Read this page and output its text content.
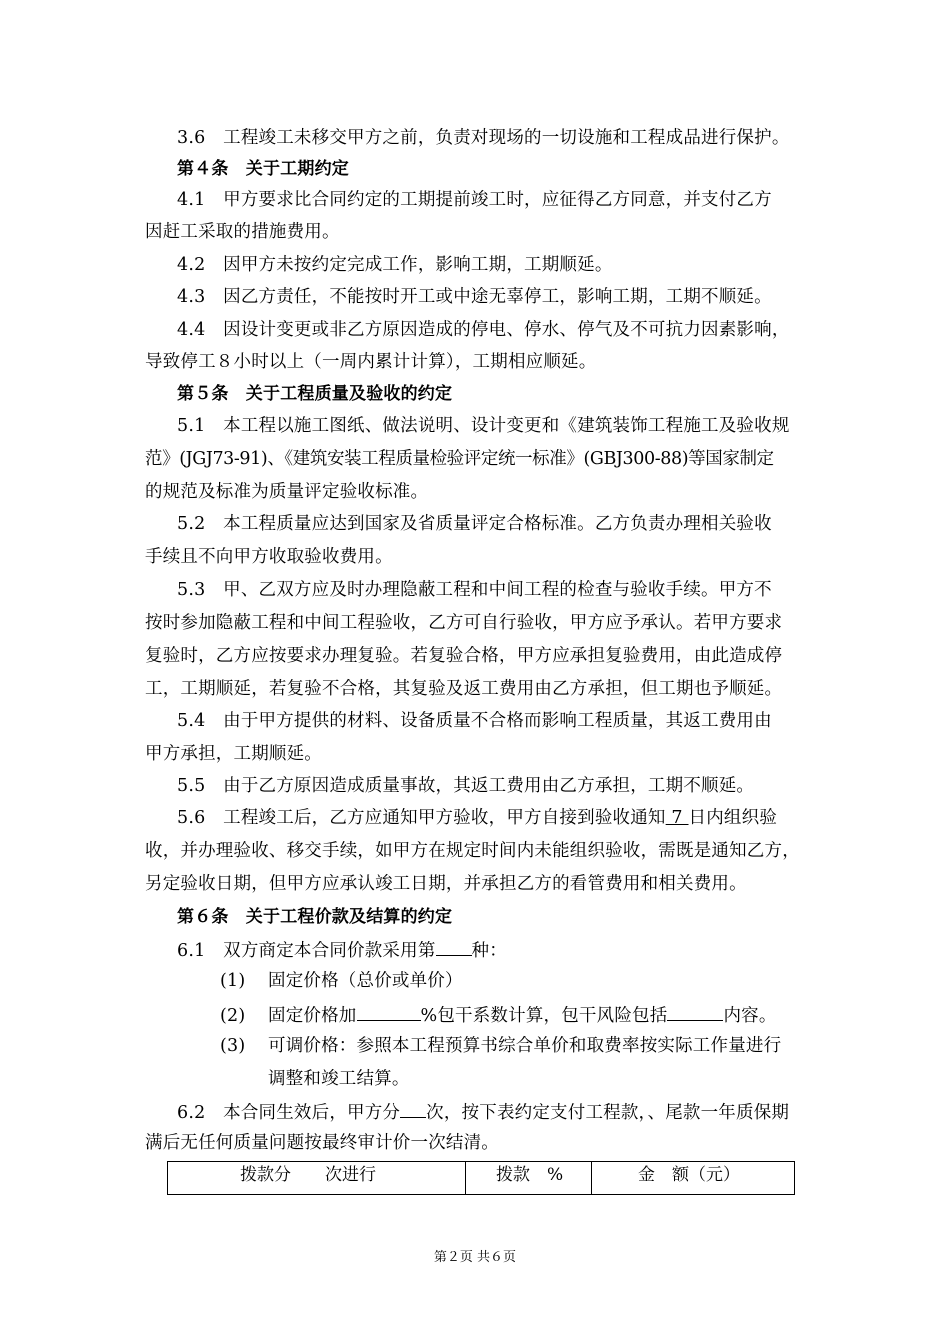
3.6　工程竣工未移交甲方之前，负责对现场的一切设施和工程成品进行保护。
第４条　关于工期约定
4.1　甲方要求比合同约定的工期提前竣工时，应征得乙方同意，并支付乙方
因赶工采取的措施费用。
4.2　因甲方未按约定完成工作，影响工期，工期顺延。
4.3　因乙方责任，不能按时开工或中途无辜停工，影响工期，工期不顺延。
4.4　因设计变更或非乙方原因造成的停电、停水、停气及不可抗力因素影响，
导致停工８小时以上（一周内累计计算），工期相应顺延。
第５条　关于工程质量及验收的约定
5.1　本工程以施工图纸、做法说明、设计变更和《建筑装饰工程施工及验收规
范》(JGJ73-91)、《建筑安装工程质量检验评定统一标准》(GBJ300-88)等国家制定
的规范及标准为质量评定验收标准。
5.2　本工程质量应达到国家及省质量评定合格标准。乙方负责办理相关验收
手续且不向甲方收取验收费用。
5.3　甲、乙双方应及时办理隐蔽工程和中间工程的检查与验收手续。甲方不
按时参加隐蔽工程和中间工程验收，乙方可自行验收，甲方应予承认。若甲方要求
复验时，乙方应按要求办理复验。若复验合格，甲方应承担复验费用，由此造成停
工，工期顺延，若复验不合格，其复验及返工费用由乙方承担，但工期也予顺延。
5.4　由于甲方提供的材料、设备质量不合格而影响工程质量，其返工费用由
甲方承担，工期顺延。
5.5　由于乙方原因造成质量事故，其返工费用由乙方承担，工期不顺延。
5.6　工程竣工后，乙方应通知甲方验收，甲方自接到验收通知 7 日内组织验
收，并办理验收、移交手续，如甲方在规定时间内未能组织验收，需既是通知乙方，
另定验收日期，但甲方应承认竣工日期，并承担乙方的看管费用和相关费用。
第６条　关于工程价款及结算的约定
6.1　双方商定本合同价款采用第 种：
(1) 固定价格（总价或单价）
(2) 固定价格加	%包干系数计算，包干风险包括	内容。
(3) 可调价格：参照本工程预算书综合单价和取费率按实际工作量进行
调整和竣工结算。
6.2　本合同生效后，甲方分 次，按下表约定支付工程款，、尾款一年质保期
满后无任何质量问题按最终审计价一次结清。
拨款分　　次进行	拨款　%	金　额（元）
第２页 共６页
